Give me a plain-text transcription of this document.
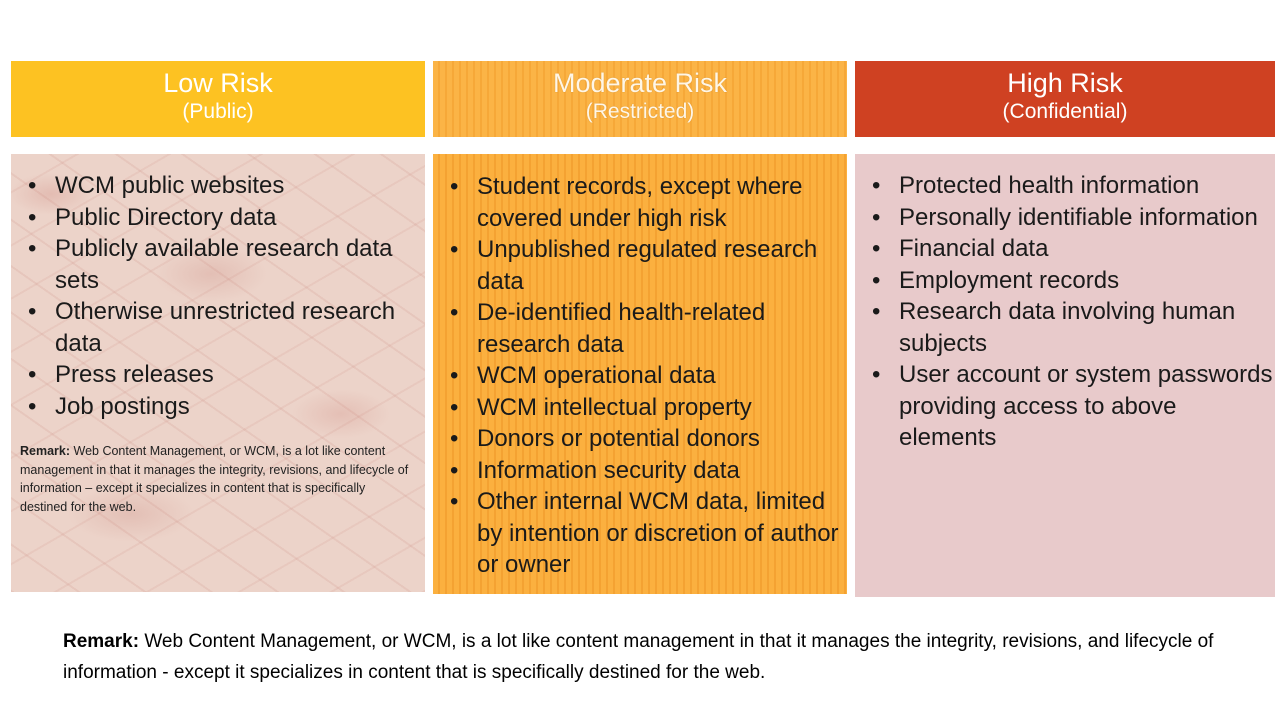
Low Risk
(Public)
Moderate Risk
(Restricted)
High Risk
(Confidential)
• WCM public websites
• Public Directory data
• Publicly available research data sets
• Otherwise unrestricted research data
• Press releases
• Job postings
Remark: Web Content Management, or WCM, is a lot like content management in that it manages the integrity, revisions, and lifecycle of information – except it specializes in content that is specifically destined for the web.
• Student records, except where covered under high risk
• Unpublished regulated research data
• De-identified health-related research data
• WCM operational data
• WCM intellectual property
• Donors or potential donors
• Information security data
• Other internal WCM data, limited by intention or discretion of author or owner
• Protected health information
• Personally identifiable information
• Financial data
• Employment records
• Research data involving human subjects
• User account or system passwords providing access to above elements
Remark: Web Content Management, or WCM, is a lot like content management in that it manages the integrity, revisions, and lifecycle of information - except it specializes in content that is specifically destined for the web.
